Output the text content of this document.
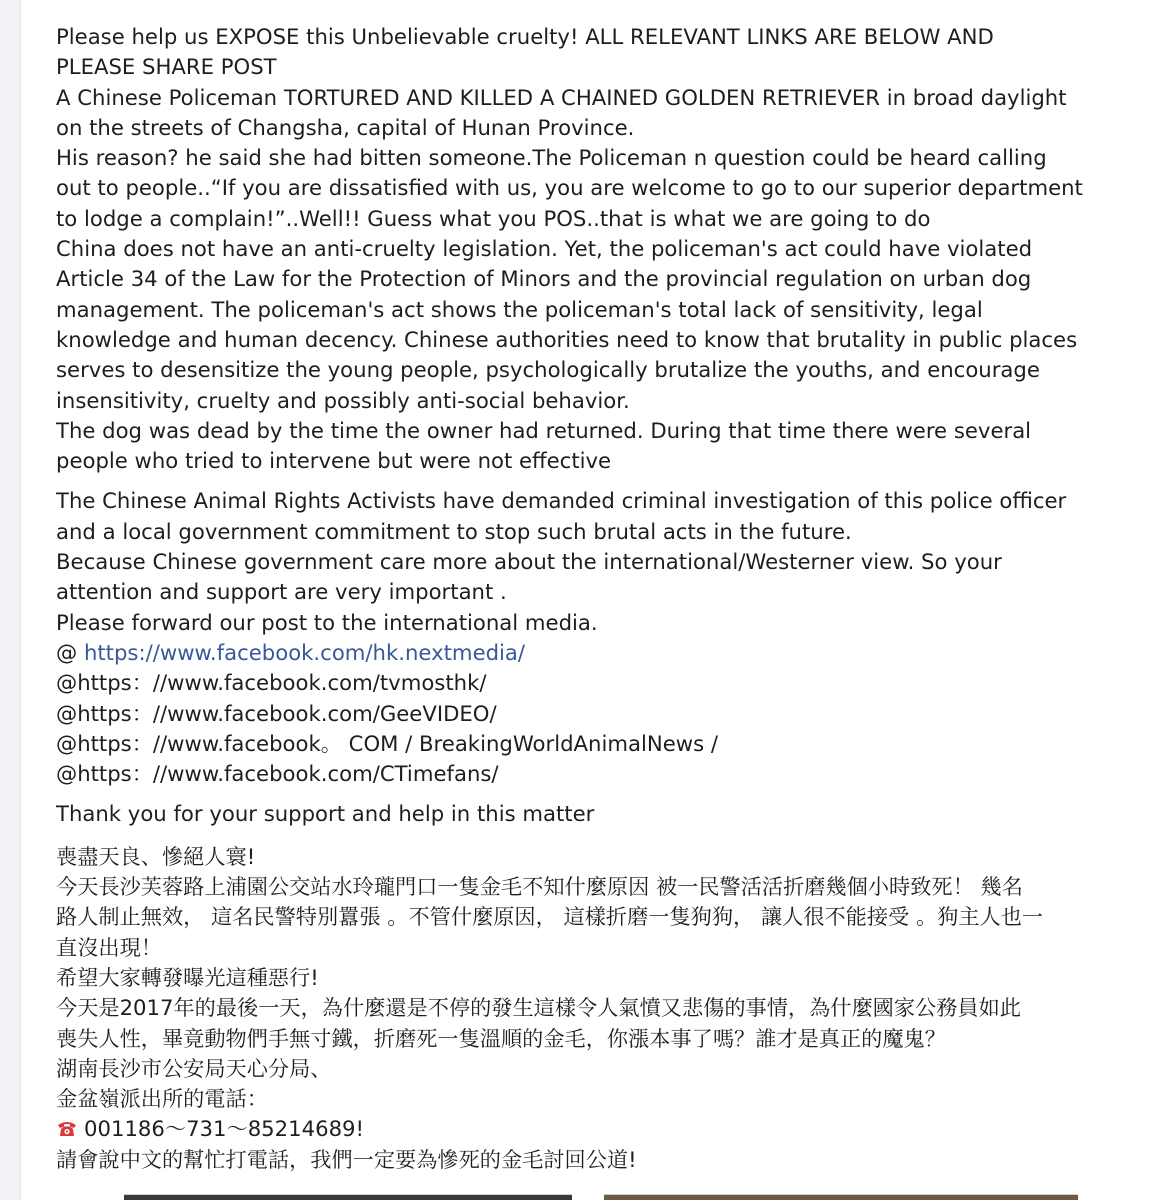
Please help us EXPOSE this Unbelievable cruelty! ALL RELEVANT LINKS ARE BELOW AND
PLEASE SHARE POST
A Chinese Policeman TORTURED AND KILLED A CHAINED GOLDEN RETRIEVER in broad daylight
on the streets of Changsha, capital of Hunan Province.
His reason? he said she had bitten someone.The Policeman n question could be heard calling
out to people..“If you are dissatisfied with us, you are welcome to go to our superior department
to lodge a complain!”..Well!! Guess what you POS..that is what we are going to do
China does not have an anti-cruelty legislation. Yet, the policeman's act could have violated
Article 34 of the Law for the Protection of Minors and the provincial regulation on urban dog
management. The policeman's act shows the policeman's total lack of sensitivity, legal
knowledge and human decency. Chinese authorities need to know that brutality in public places
serves to desensitize the young people, psychologically brutalize the youths, and encourage
insensitivity, cruelty and possibly anti-social behavior.
The dog was dead by the time the owner had returned. During that time there were several
people who tried to intervene but were not effective
The Chinese Animal Rights Activists have demanded criminal investigation of this police officer
and a local government commitment to stop such brutal acts in the future.
Because Chinese government care more about the international/Westerner view. So your
attention and support are very important .
Please forward our post to the international media.
@ https://www.facebook.com/hk.nextmedia/
@https：//www.facebook.com/tvmosthk/
@https：//www.facebook.com/GeeVIDEO/
@https：//www.facebook。 COM / BreakingWorldAnimalNews /
@https：//www.facebook.com/CTimefans/
Thank you for your support and help in this matter
喪盡天良、慘絕人寰!
今天長沙芙蓉路上浦園公交站水玲瓏門口一隻金毛不知什麼原因 被一民警活活折磨幾個小時致死！ 幾名
路人制止無效， 這名民警特別囂張 。不管什麼原因， 這樣折磨一隻狗狗， 讓人很不能接受 。狗主人也一
直沒出現！
希望大家轉發曝光這種惡行!
今天是2017年的最後一天，為什麼還是不停的發生這樣令人氣憤又悲傷的事情，為什麼國家公務員如此
喪失人性，畢竟動物們手無寸鐵，折磨死一隻溫順的金毛，你漲本事了嗎？誰才是真正的魔鬼？
湖南長沙市公安局天心分局、
金盆嶺派出所的電話：
001186～731～85214689!
請會說中文的幫忙打電話，我們一定要為慘死的金毛討回公道!
